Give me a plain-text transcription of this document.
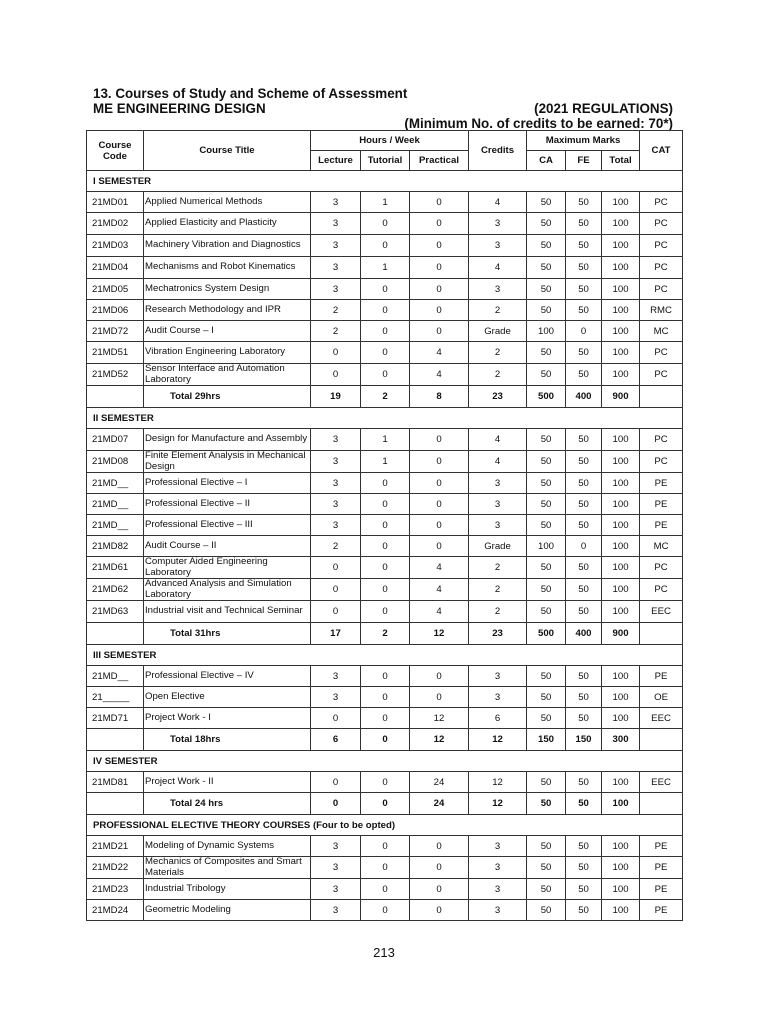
13. Courses of Study and Scheme of Assessment
ME ENGINEERING DESIGN	(2021 REGULATIONS)
(Minimum No. of credits to be earned: 70*)
Course Code	Course Title	Hours / Week			Credits	Maximum Marks			CAT
		Lecture	Tutorial	Practical		CA	FE	Total	
I SEMESTER									
21MD01	Applied Numerical Methods	3	1	0	4	50	50	100	PC
21MD02	Applied Elasticity and Plasticity	3	0	0	3	50	50	100	PC
21MD03	Machinery Vibration and Diagnostics	3	0	0	3	50	50	100	PC
21MD04	Mechanisms and Robot Kinematics	3	1	0	4	50	50	100	PC
21MD05	Mechatronics System Design	3	0	0	3	50	50	100	PC
21MD06	Research Methodology and IPR	2	0	0	2	50	50	100	RMC
21MD72	Audit Course – I	2	0	0	Grade	100	0	100	MC
21MD51	Vibration Engineering Laboratory	0	0	4	2	50	50	100	PC
21MD52	Sensor Interface and Automation Laboratory	0	0	4	2	50	50	100	PC
	Total 29hrs	19	2	8	23	500	400	900	
II SEMESTER									
21MD07	Design for Manufacture and Assembly	3	1	0	4	50	50	100	PC
21MD08	Finite Element Analysis in Mechanical Design	3	1	0	4	50	50	100	PC
21MD__	Professional Elective – I	3	0	0	3	50	50	100	PE
21MD__	Professional Elective – II	3	0	0	3	50	50	100	PE
21MD__	Professional Elective – III	3	0	0	3	50	50	100	PE
21MD82	Audit Course – II	2	0	0	Grade	100	0	100	MC
21MD61	Computer Aided Engineering Laboratory	0	0	4	2	50	50	100	PC
21MD62	Advanced Analysis and Simulation Laboratory	0	0	4	2	50	50	100	PC
21MD63	Industrial visit and Technical Seminar	0	0	4	2	50	50	100	EEC
	Total 31hrs	17	2	12	23	500	400	900	
III SEMESTER									
21MD__	Professional Elective – IV	3	0	0	3	50	50	100	PE
21_____	Open Elective	3	0	0	3	50	50	100	OE
21MD71	Project Work - I	0	0	12	6	50	50	100	EEC
	Total 18hrs	6	0	12	12	150	150	300	
IV SEMESTER									
21MD81	Project Work - II	0	0	24	12	50	50	100	EEC
	Total 24 hrs	0	0	24	12	50	50	100	
PROFESSIONAL ELECTIVE THEORY COURSES (Four to be opted)									
21MD21	Modeling of Dynamic Systems	3	0	0	3	50	50	100	PE
21MD22	Mechanics of Composites and Smart Materials	3	0	0	3	50	50	100	PE
21MD23	Industrial Tribology	3	0	0	3	50	50	100	PE
21MD24	Geometric Modeling	3	0	0	3	50	50	100	PE
213
